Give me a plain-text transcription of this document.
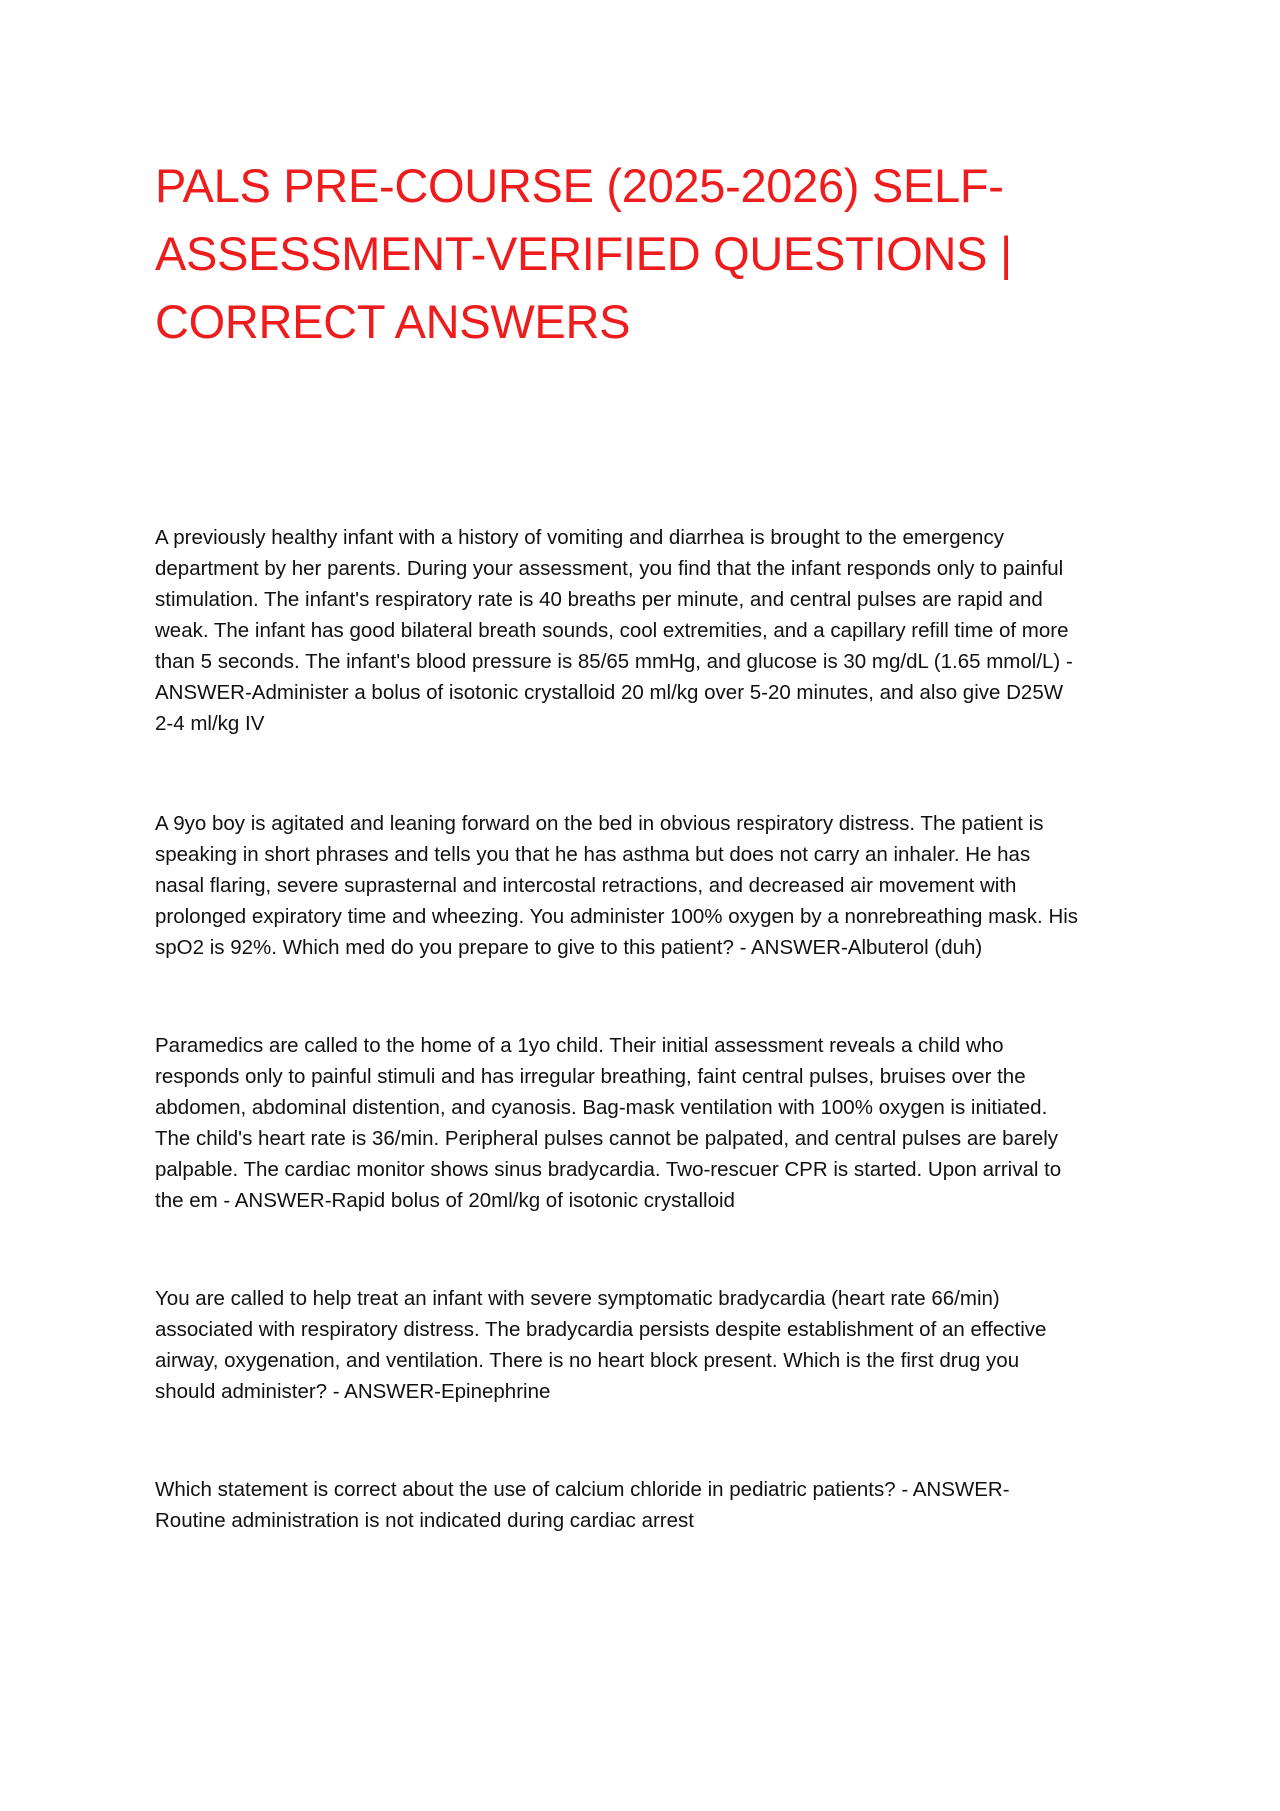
PALS PRE-COURSE (2025-2026) SELF-
ASSESSMENT-VERIFIED QUESTIONS |
CORRECT ANSWERS

A previously healthy infant with a history of vomiting and diarrhea is brought to the emergency
department by her parents. During your assessment, you find that the infant responds only to painful
stimulation. The infant's respiratory rate is 40 breaths per minute, and central pulses are rapid and
weak. The infant has good bilateral breath sounds, cool extremities, and a capillary refill time of more
than 5 seconds. The infant's blood pressure is 85/65 mmHg, and glucose is 30 mg/dL (1.65 mmol/L) -
ANSWER-Administer a bolus of isotonic crystalloid 20 ml/kg over 5-20 minutes, and also give D25W
2-4 ml/kg IV

A 9yo boy is agitated and leaning forward on the bed in obvious respiratory distress. The patient is
speaking in short phrases and tells you that he has asthma but does not carry an inhaler. He has
nasal flaring, severe suprasternal and intercostal retractions, and decreased air movement with
prolonged expiratory time and wheezing. You administer 100% oxygen by a nonrebreathing mask. His
spO2 is 92%. Which med do you prepare to give to this patient? - ANSWER-Albuterol (duh)

Paramedics are called to the home of a 1yo child. Their initial assessment reveals a child who
responds only to painful stimuli and has irregular breathing, faint central pulses, bruises over the
abdomen, abdominal distention, and cyanosis. Bag-mask ventilation with 100% oxygen is initiated.
The child's heart rate is 36/min. Peripheral pulses cannot be palpated, and central pulses are barely
palpable. The cardiac monitor shows sinus bradycardia. Two-rescuer CPR is started. Upon arrival to
the em - ANSWER-Rapid bolus of 20ml/kg of isotonic crystalloid

You are called to help treat an infant with severe symptomatic bradycardia (heart rate 66/min)
associated with respiratory distress. The bradycardia persists despite establishment of an effective
airway, oxygenation, and ventilation. There is no heart block present. Which is the first drug you
should administer? - ANSWER-Epinephrine

Which statement is correct about the use of calcium chloride in pediatric patients? - ANSWER-
Routine administration is not indicated during cardiac arrest
